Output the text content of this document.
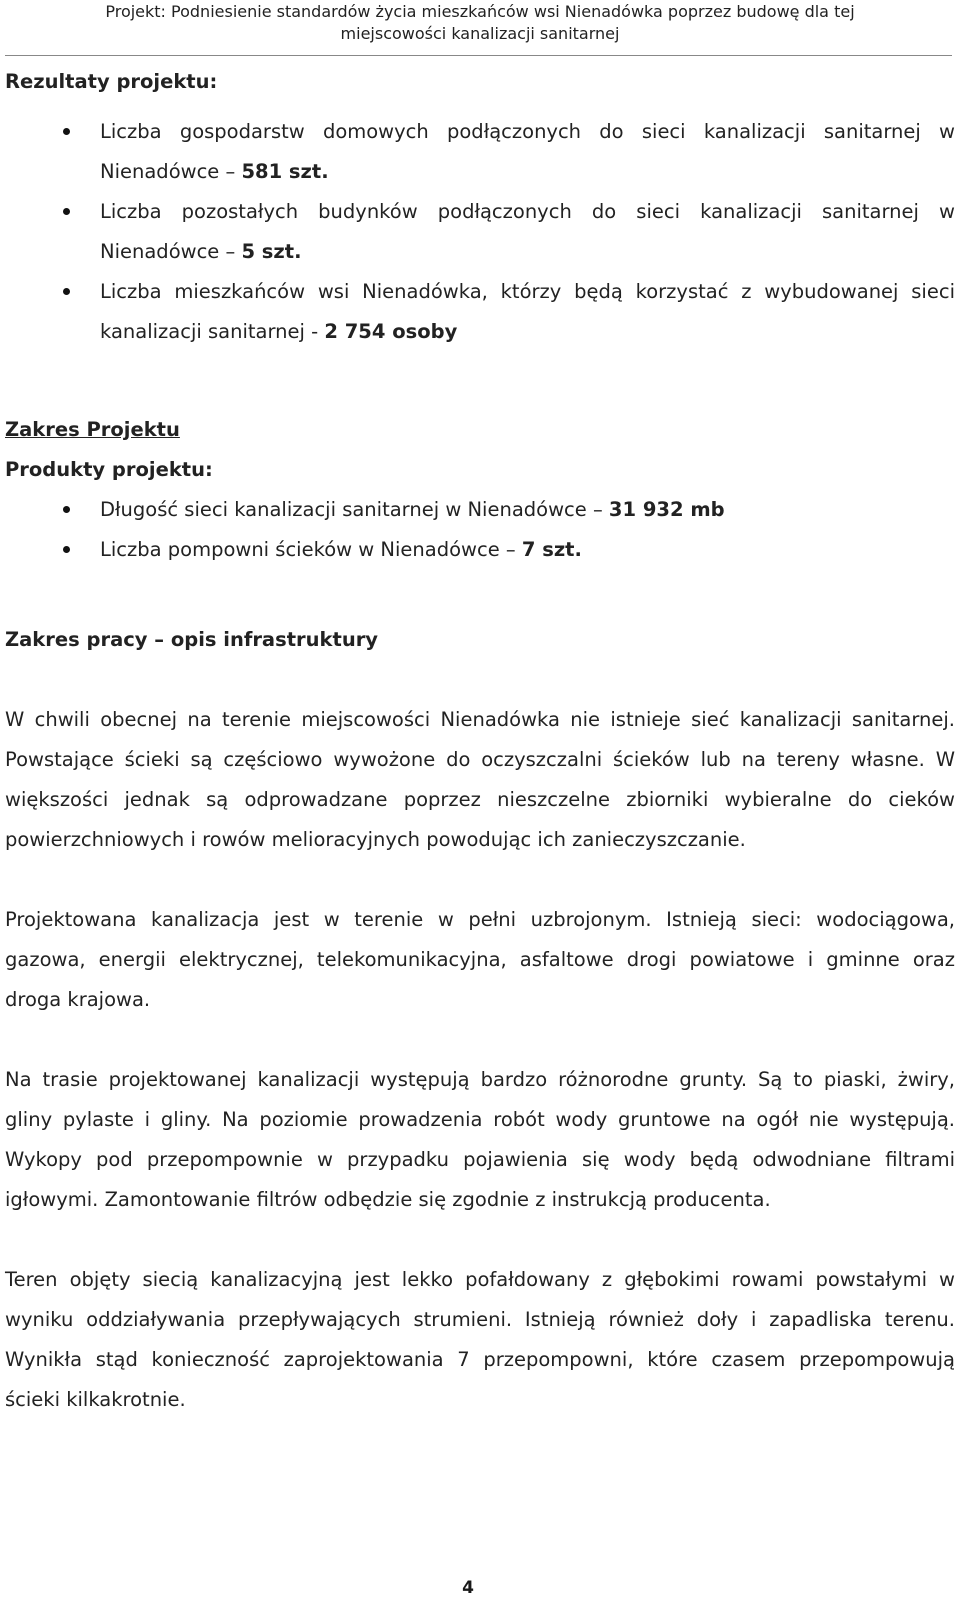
Projekt: Podniesienie standardów życia mieszkańców wsi Nienadówka poprzez budowę dla tej
miejscowości kanalizacji sanitarnej
Rezultaty projektu:
Liczba gospodarstw domowych podłączonych do sieci kanalizacji sanitarnej w Nienadówce – 581 szt.
Liczba pozostałych budynków podłączonych do sieci kanalizacji sanitarnej w Nienadówce – 5 szt.
Liczba mieszkańców wsi Nienadówka, którzy będą korzystać z wybudowanej sieci kanalizacji sanitarnej - 2 754 osoby
Zakres Projektu
Produkty projektu:
Długość sieci kanalizacji sanitarnej w Nienadówce – 31 932 mb
Liczba pompowni ścieków w Nienadówce – 7 szt.
Zakres pracy – opis infrastruktury

W chwili obecnej na terenie miejscowości Nienadówka nie istnieje sieć kanalizacji sanitarnej. Powstające ścieki są częściowo wywożone do oczyszczalni ścieków lub na tereny własne. W większości jednak są odprowadzane poprzez nieszczelne zbiorniki wybieralne do cieków powierzchniowych i rowów melioracyjnych powodując ich zanieczyszczanie.

Projektowana kanalizacja jest w terenie w pełni uzbrojonym. Istnieją sieci: wodociągowa, gazowa, energii elektrycznej, telekomunikacyjna, asfaltowe drogi powiatowe i gminne oraz droga krajowa.

Na trasie projektowanej kanalizacji występują bardzo różnorodne grunty. Są to piaski, żwiry, gliny pylaste i gliny. Na poziomie prowadzenia robót wody gruntowe na ogół nie występują. Wykopy pod przepompownie w przypadku pojawienia się wody będą odwodniane filtrami igłowymi. Zamontowanie filtrów odbędzie się zgodnie z instrukcją producenta.

Teren objęty siecią kanalizacyjną jest lekko pofałdowany z głębokimi rowami powstałymi w wyniku oddziaływania przepływających strumieni. Istnieją również doły i zapadliska terenu. Wynikła stąd konieczność zaprojektowania 7 przepompowni, które czasem przepompowują ścieki kilkakrotnie.

4
